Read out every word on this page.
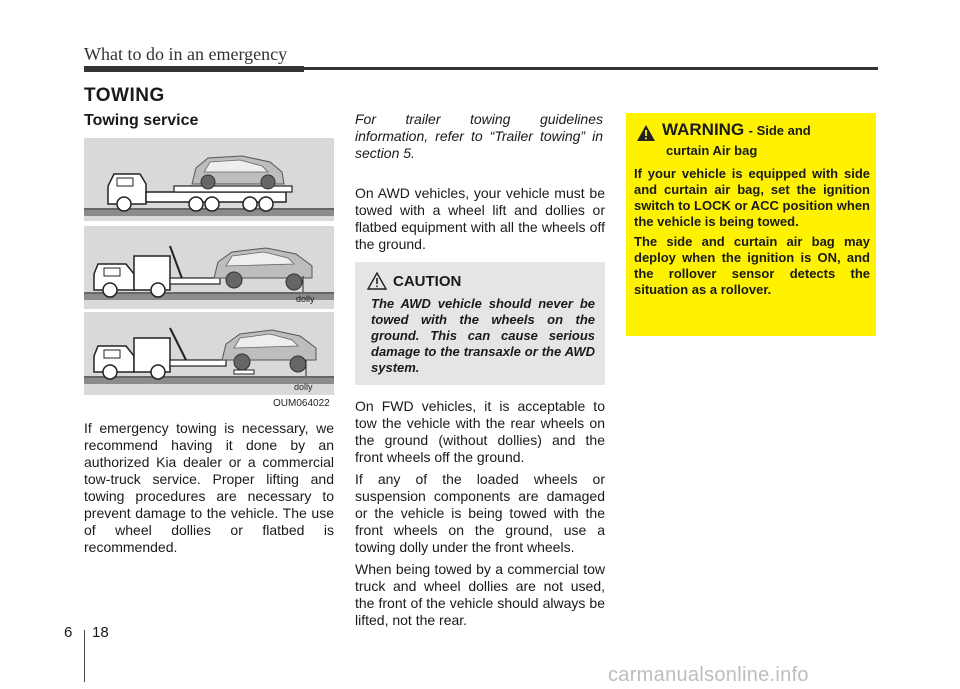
What to do in an emergency
TOWING
Towing service
dolly
dolly
OUM064022

If emergency towing is necessary, we recommend having it done by an authorized Kia dealer or a commercial tow-truck service. Proper lifting and towing procedures are necessary to prevent damage to the vehicle. The use of wheel dollies or flatbed is recommended.

For trailer towing guidelines information, refer to “Trailer towing” in section 5.

On AWD vehicles, your vehicle must be towed with a wheel lift and dollies or flatbed equipment with all the wheels off the ground.

CAUTION

The AWD vehicle should never be towed with the wheels on the ground. This can cause serious damage to the transaxle or the AWD system.

On FWD vehicles, it is acceptable to tow the vehicle with the rear wheels on the ground (without dollies) and the front wheels off the ground.

If any of the loaded wheels or suspension components are damaged or the vehicle is being towed with the front wheels on the ground, use a towing dolly under the front wheels.

When being towed by a commercial tow truck and wheel dollies are not used, the front of the vehicle should always be lifted, not the rear.

WARNING - Side and
curtain Air bag

If your vehicle is equipped with side and curtain air bag, set the ignition switch to LOCK or ACC position when the vehicle is being towed.

The side and curtain air bag may deploy when the ignition is ON, and the rollover sensor detects the situation as a rollover.

6 18
carmanualsonline.info
